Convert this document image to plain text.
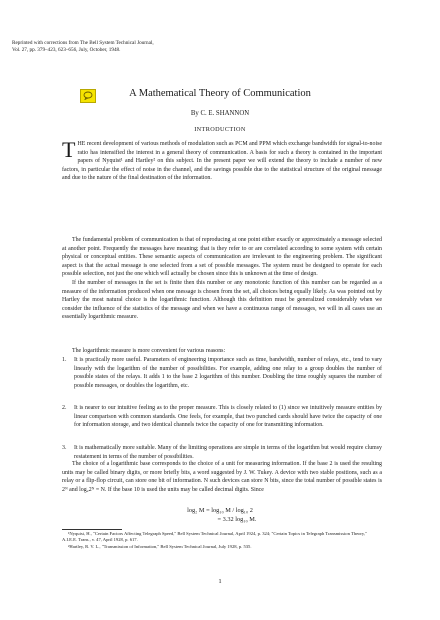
Reprinted with corrections from The Bell System Technical Journal,
Vol. 27, pp. 379–423, 623–656, July, October, 1948.
A Mathematical Theory of Communication
By C. E. SHANNON
INTRODUCTION
T HE recent development of various methods of modulation such as PCM and PPM which exchange bandwidth for signal-to-noise ratio has intensified the interest in a general theory of communication. A basis for such a theory is contained in the important papers of Nyquist¹ and Hartley² on this subject. In the present paper we will extend the theory to include a number of new factors, in particular the effect of noise in the channel, and the savings possible due to the statistical structure of the original message and due to the nature of the final destination of the information.
The fundamental problem of communication is that of reproducing at one point either exactly or approximately a message selected at another point. Frequently the messages have meaning; that is they refer to or are correlated according to some system with certain physical or conceptual entities. These semantic aspects of communication are irrelevant to the engineering problem. The significant aspect is that the actual message is one selected from a set of possible messages. The system must be designed to operate for each possible selection, not just the one which will actually be chosen since this is unknown at the time of design.
If the number of messages in the set is finite then this number or any monotonic function of this number can be regarded as a measure of the information produced when one message is chosen from the set, all choices being equally likely. As was pointed out by Hartley the most natural choice is the logarithmic function. Although this definition must be generalized considerably when we consider the influence of the statistics of the message and when we have a continuous range of messages, we will in all cases use an essentially logarithmic measure.
The logarithmic measure is more convenient for various reasons:
1. It is practically more useful. Parameters of engineering importance such as time, bandwidth, number of relays, etc., tend to vary linearly with the logarithm of the number of possibilities. For example, adding one relay to a group doubles the number of possible states of the relays. It adds 1 to the base 2 logarithm of this number. Doubling the time roughly squares the number of possible messages, or doubles the logarithm, etc.
2. It is nearer to our intuitive feeling as to the proper measure. This is closely related to (1) since we intuitively measure entities by linear comparison with common standards. One feels, for example, that two punched cards should have twice the capacity of one for information storage, and two identical channels twice the capacity of one for transmitting information.
3. It is mathematically more suitable. Many of the limiting operations are simple in terms of the logarithm but would require clumsy restatement in terms of the number of possibilities.
The choice of a logarithmic base corresponds to the choice of a unit for measuring information. If the base 2 is used the resulting units may be called binary digits, or more briefly bits, a word suggested by J. W. Tukey. A device with two stable positions, such as a relay or a flip-flop circuit, can store one bit of information. N such devices can store N bits, since the total number of possible states is 2ᴺ and log₂2ᴺ = N. If the base 10 is used the units may be called decimal digits. Since
log₂ M = log₁₀ M / log₁₀ 2
= 3.32 log₁₀ M.
¹Nyquist, H., "Certain Factors Affecting Telegraph Speed," Bell System Technical Journal, April 1924, p. 324; "Certain Topics in Telegraph Transmission Theory," A.I.E.E. Trans., v. 47, April 1928, p. 617.
²Hartley, R. V. L., "Transmission of Information," Bell System Technical Journal, July 1928, p. 535.
1
